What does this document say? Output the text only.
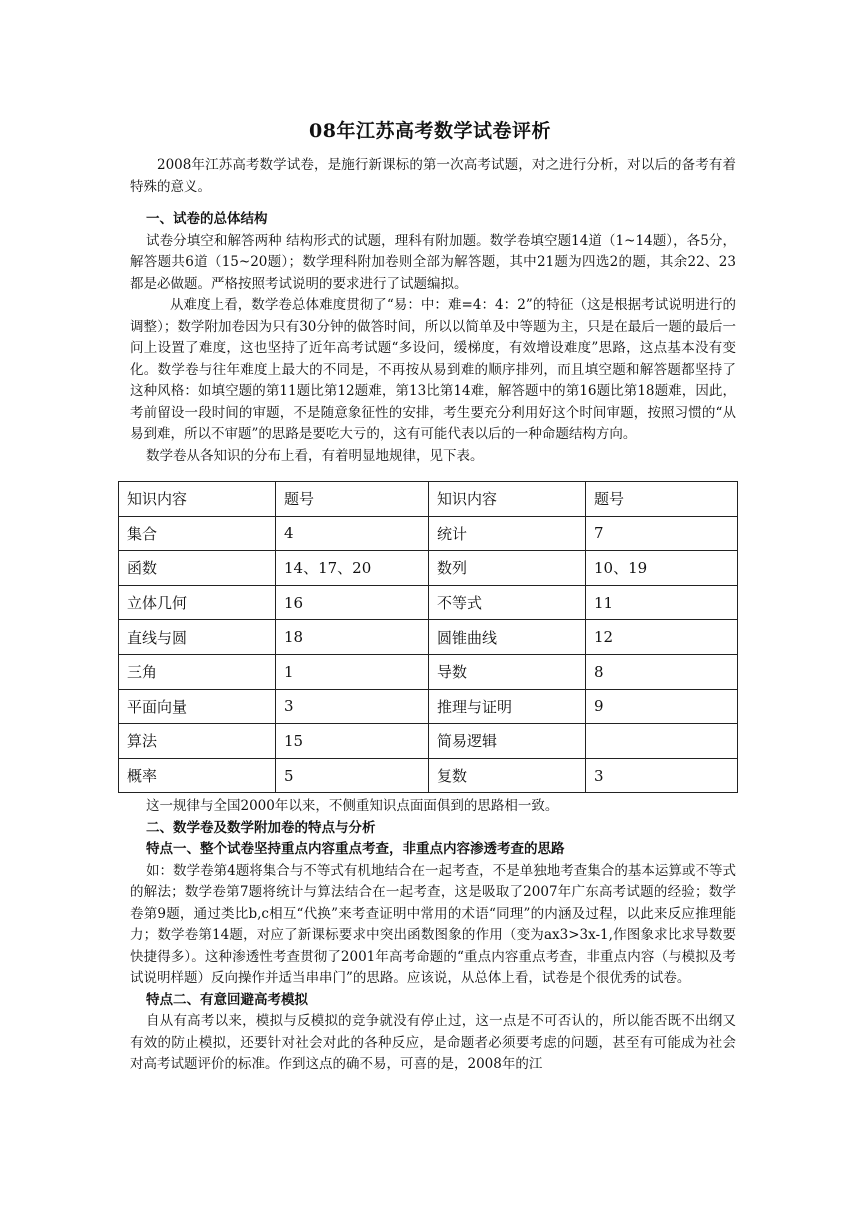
08年江苏高考数学试卷评析

2008年江苏高考数学试卷，是施行新课标的第一次高考试题，对之进行分析，对以后的备考有着特殊的意义。

一、试卷的总体结构

试卷分填空和解答两种 结构形式的试题，理科有附加题。数学卷填空题14道（1~14题），各5分，解答题共6道（15~20题）；数学理科附加卷则全部为解答题，其中21题为四选2的题，其余22、23都是必做题。严格按照考试说明的要求进行了试题编拟。

从难度上看，数学卷总体难度贯彻了“易：中：难=4：4：2”的特征（这是根据考试说明进行的调整）；数学附加卷因为只有30分钟的做答时间，所以以简单及中等题为主，只是在最后一题的最后一问上设置了难度，这也坚持了近年高考试题“多设问，缓梯度，有效增设难度”思路，这点基本没有变化。数学卷与往年难度上最大的不同是，不再按从易到难的顺序排列，而且填空题和解答题都坚持了这种风格：如填空题的第11题比第12题难，第13比第14难，解答题中的第16题比第18题难，因此，考前留设一段时间的审题，不是随意象征性的安排，考生要充分利用好这个时间审题，按照习惯的“从易到难，所以不审题”的思路是要吃大亏的，这有可能代表以后的一种命题结构方向。

数学卷从各知识的分布上看，有着明显地规律，见下表。

知识内容	题号	知识内容	题号
集合	4	统计	7
函数	14、17、20	数列	10、19
立体几何	16	不等式	11
直线与圆	18	圆锥曲线	12
三角	1	导数	8
平面向量	3	推理与证明	9
算法	15	简易逻辑	
概率	5	复数	3

这一规律与全国2000年以来，不侧重知识点面面俱到的思路相一致。

二、数学卷及数学附加卷的特点与分析

特点一、整个试卷坚持重点内容重点考查，非重点内容渗透考查的思路

如：数学卷第4题将集合与不等式有机地结合在一起考查，不是单独地考查集合的基本运算或不等式的解法；数学卷第7题将统计与算法结合在一起考查，这是吸取了2007年广东高考试题的经验；数学卷第9题，通过类比b,c相互“代换”来考查证明中常用的术语“同理”的内涵及过程，以此来反应推理能力；数学卷第14题，对应了新课标要求中突出函数图象的作用（变为ax3>3x-1,作图象求比求导数要快捷得多）。这种渗透性考查贯彻了2001年高考命题的“重点内容重点考查，非重点内容（与模拟及考试说明样题）反向操作并适当串串门”的思路。应该说，从总体上看，试卷是个很优秀的试卷。

特点二、有意回避高考模拟

自从有高考以来，模拟与反模拟的竞争就没有停止过，这一点是不可否认的，所以能否既不出纲又有效的防止模拟，还要针对社会对此的各种反应，是命题者必须要考虑的问题，甚至有可能成为社会对高考试题评价的标准。作到这点的确不易，可喜的是，2008年的江
